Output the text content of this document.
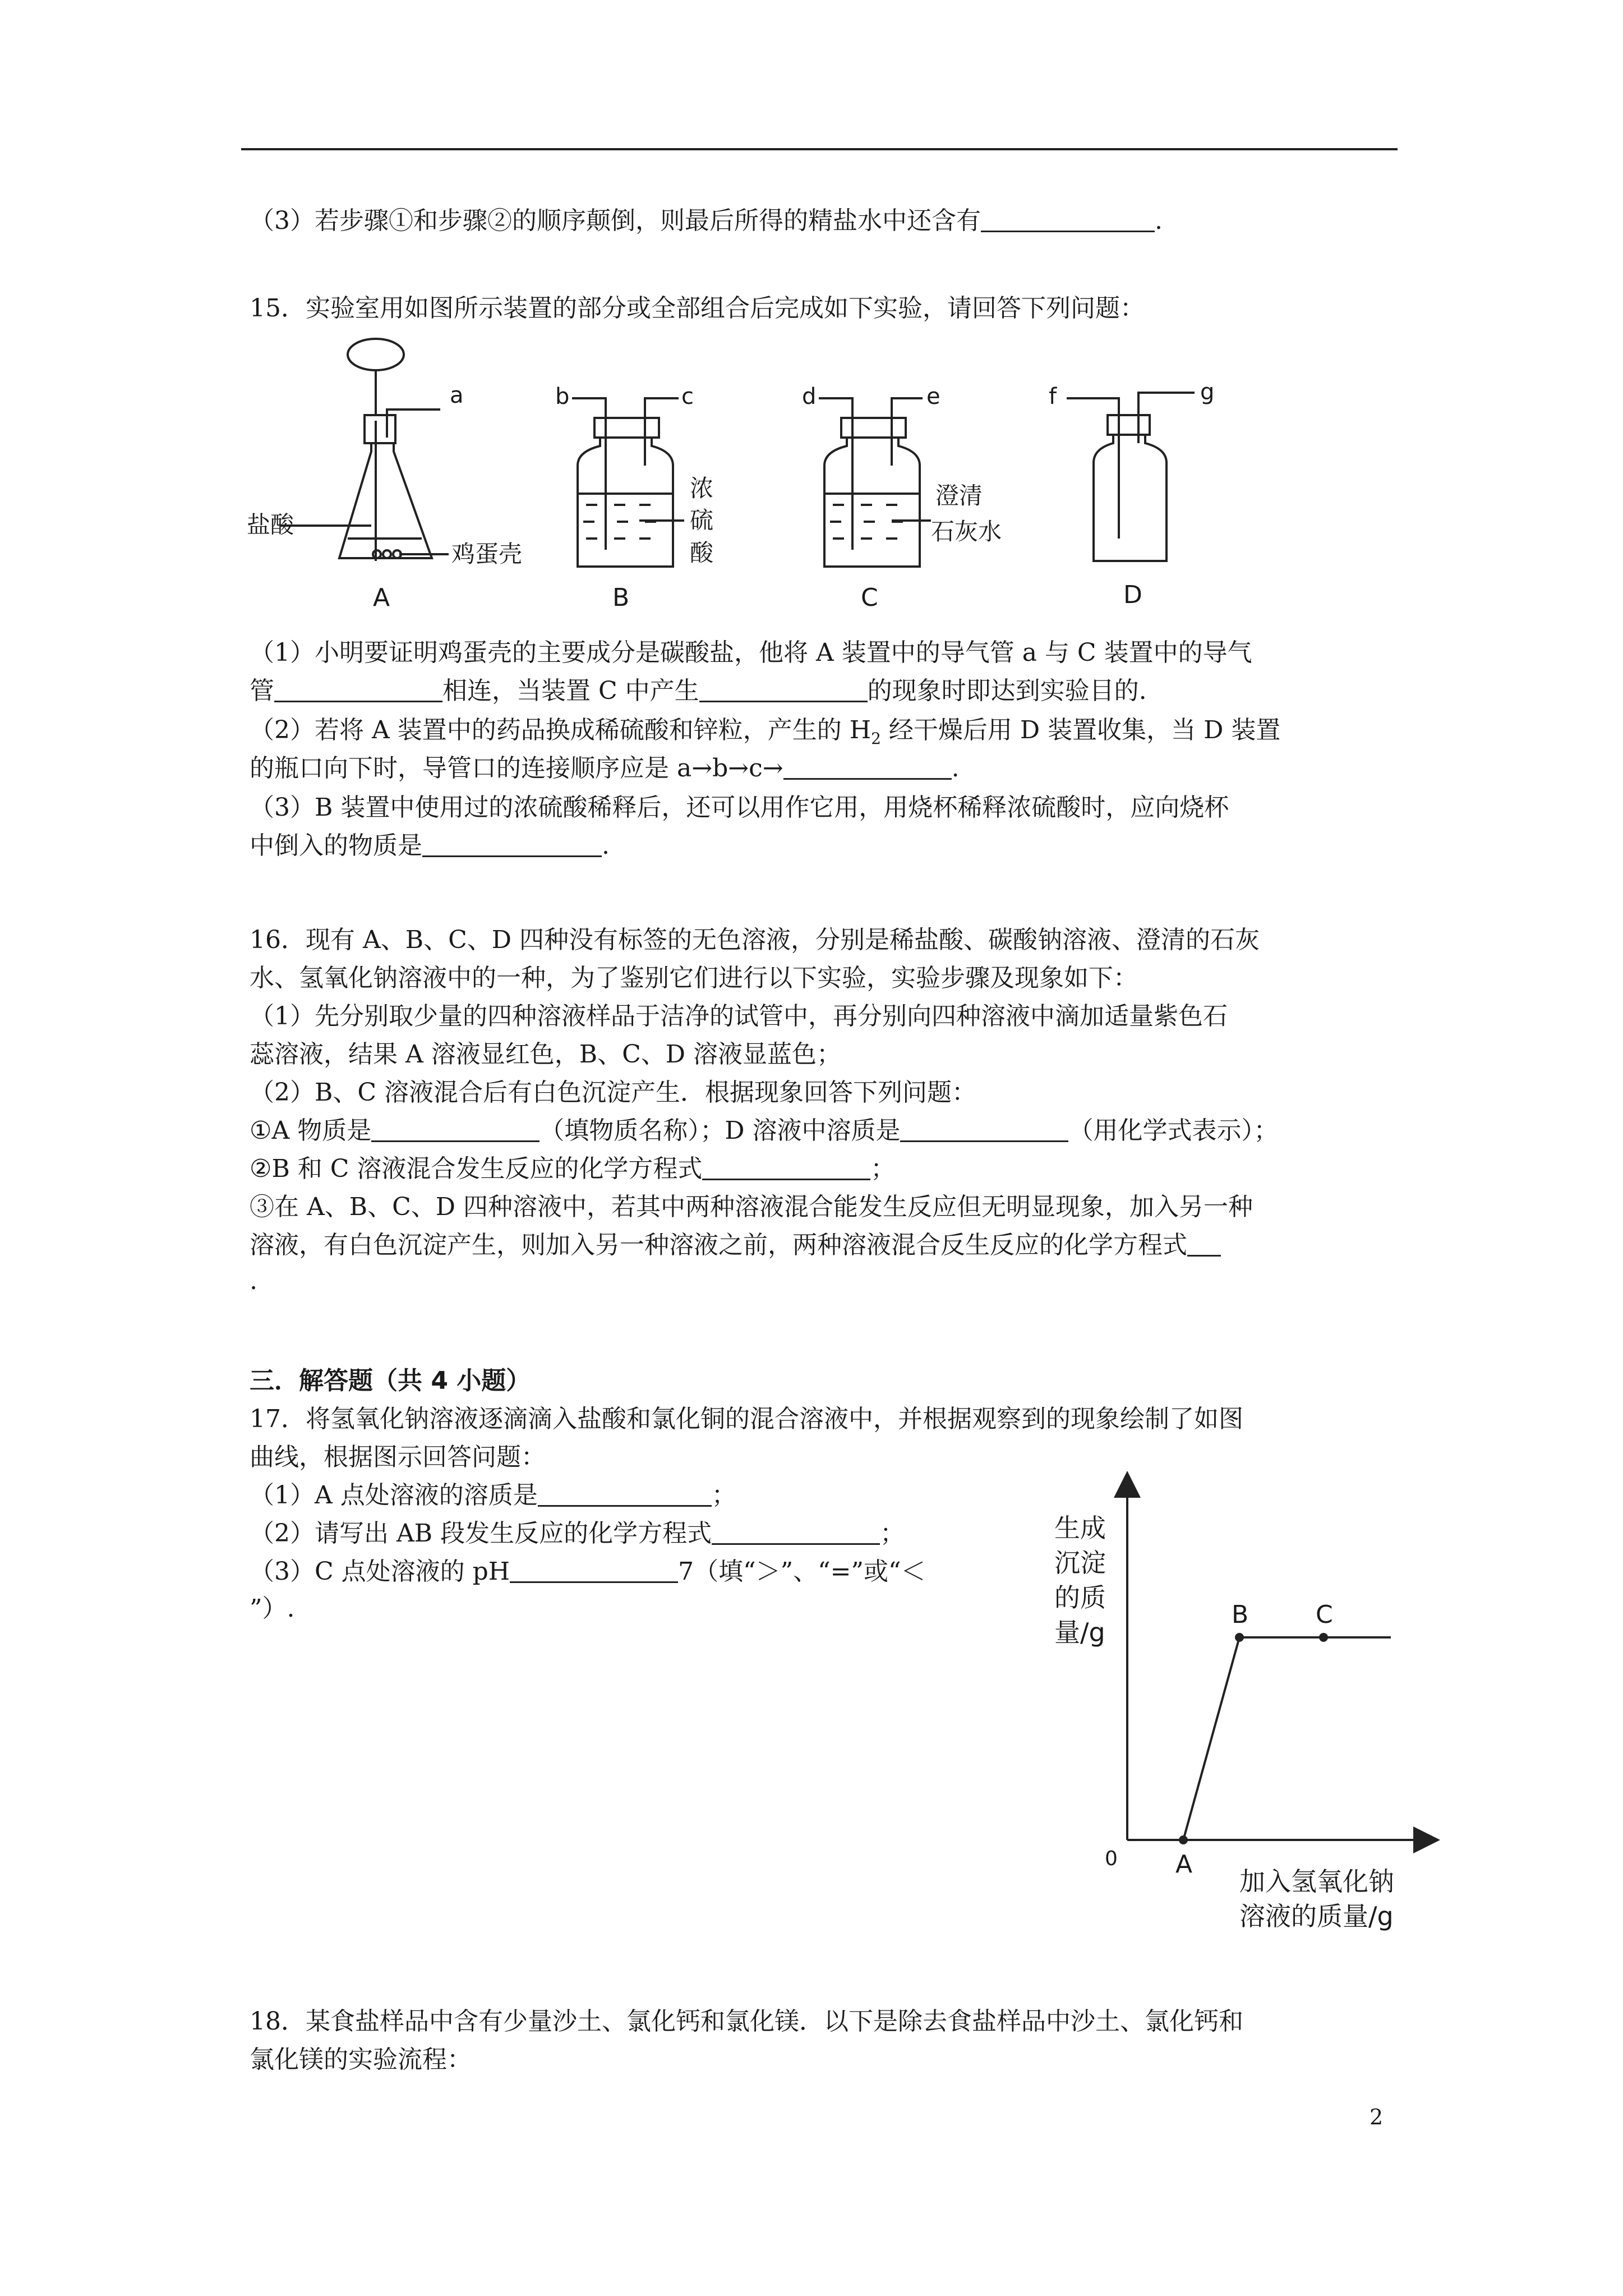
（3）若步骤①和步骤②的顺序颠倒，则最后所得的精盐水中还含有	.
15．实验室用如图所示装置的部分或全部组合后完成如下实验，请回答下列问题：
a
盐酸
鸡蛋壳
A
b	c
浓
硫
酸
B
d	e
澄清
石灰水
C
f	g
D
（1）小明要证明鸡蛋壳的主要成分是碳酸盐，他将 A 装置中的导气管 a 与 C 装置中的导气
管	相连，当装置 C 中产生	的现象时即达到实验目的.
（2）若将 A 装置中的药品换成稀硫酸和锌粒，产生的 $H_2$ 经干燥后用 D 装置收集，当 D 装置
的瓶口向下时，导管口的连接顺序应是 a→b→c→	.
（3）B 装置中使用过的浓硫酸稀释后，还可以用作它用，用烧杯稀释浓硫酸时，应向烧杯
中倒入的物质是	.
16．现有 A、B、C、D 四种没有标签的无色溶液，分别是稀盐酸、碳酸钠溶液、澄清的石灰
水、氢氧化钠溶液中的一种，为了鉴别它们进行以下实验，实验步骤及现象如下：
（1）先分别取少量的四种溶液样品于洁净的试管中，再分别向四种溶液中滴加适量紫色石
蕊溶液，结果 A 溶液显红色，B、C、D 溶液显蓝色；
（2）B、C 溶液混合后有白色沉淀产生．根据现象回答下列问题：
①A 物质是	（填物质名称）；D 溶液中溶质是	（用化学式表示）；
②B 和 C 溶液混合发生反应的化学方程式	；
③在 A、B、C、D 四种溶液中，若其中两种溶液混合能发生反应但无明显现象，加入另一种
溶液，有白色沉淀产生，则加入另一种溶液之前，两种溶液混合反生反应的化学方程式
.
三．解答题（共 4 小题）
17．将氢氧化钠溶液逐滴滴入盐酸和氯化铜的混合溶液中，并根据观察到的现象绘制了如图
曲线，根据图示回答问题：
（1）A 点处溶液的溶质是	；
（2）请写出 AB 段发生反应的化学方程式	；
（3）C 点处溶液的 pH	7（填“＞”、“=”或“＜
”）.
生成
沉淀
的质
量/g
加入氢氧化钠
溶液的质量/g
0 A
B	C
18．某食盐样品中含有少量沙土、氯化钙和氯化镁．以下是除去食盐样品中沙土、氯化钙和
氯化镁的实验流程：
2
